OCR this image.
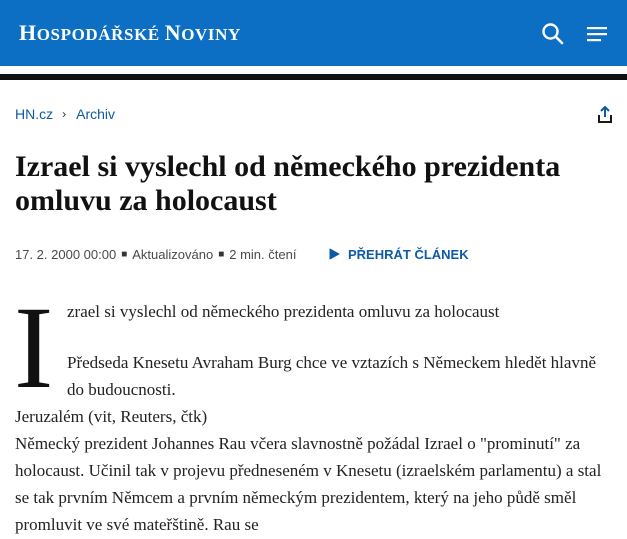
HOSPODÁŘSKÉ NOVINY
HN.cz › Archiv
Izrael si vyslechl od německého prezidenta omluvu za holocaust
17. 2. 2000 00:00 ■ Aktualizováno ■ 2 min. čtení	PŘEHRÁT ČLÁNEK
I zrael si vyslechl od německého prezidenta omluvu za holocaust

Předseda Knesetu Avraham Burg chce ve vztazích s Německem hledět hlavně do budoucnosti.

Jeruzalém (vit, Reuters, čtk)

Německý prezident Johannes Rau včera slavnostně požádal Izrael o "prominutí" za holocaust. Učinil tak v projevu předneseném v Knesetu (izraelském parlamentu) a stal se tak prvním Němcem a prvním německým prezidentem, který na jeho půdě směl promluvit ve své mateřštině. Rau se
